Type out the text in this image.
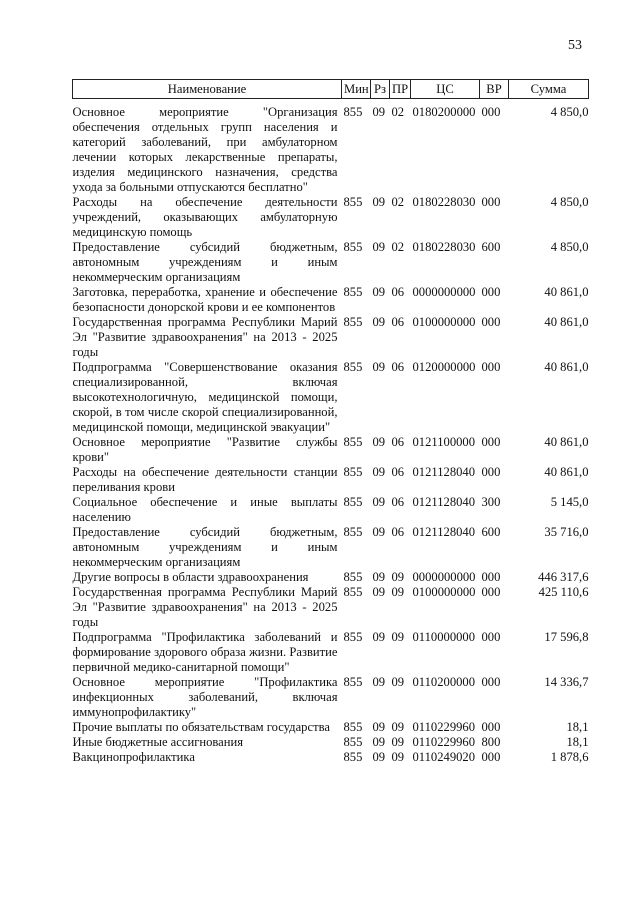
53
Наименование	Мин	Рз	ПР	ЦС	ВР	Сумма

Основное мероприятие "Организация обеспечения отдельных групп населения и категорий заболеваний, при амбулаторном лечении которых лекарственные препараты, изделия медицинского назначения, средства ухода за больными отпускаются бесплатно"	855	09	02	0180200000	000	4 850,0
Расходы на обеспечение деятельности учреждений, оказывающих амбулаторную медицинскую помощь	855	09	02	0180228030	000	4 850,0
Предоставление субсидий бюджетным, автономным учреждениям и иным некоммерческим организациям	855	09	02	0180228030	600	4 850,0
Заготовка, переработка, хранение и обеспечение безопасности донорской крови и ее компонентов	855	09	06	0000000000	000	40 861,0
Государственная программа Республики Марий Эл "Развитие здравоохранения" на 2013 - 2025 годы	855	09	06	0100000000	000	40 861,0
Подпрограмма "Совершенствование оказания специализированной, включая высокотехнологичную, медицинской помощи, скорой, в том числе скорой специализированной, медицинской помощи, медицинской эвакуации"	855	09	06	0120000000	000	40 861,0
Основное мероприятие "Развитие службы крови"	855	09	06	0121100000	000	40 861,0
Расходы на обеспечение деятельности станции переливания крови	855	09	06	0121128040	000	40 861,0
Социальное обеспечение и иные выплаты населению	855	09	06	0121128040	300	5 145,0
Предоставление субсидий бюджетным, автономным учреждениям и иным некоммерческим организациям	855	09	06	0121128040	600	35 716,0
Другие вопросы в области здравоохранения	855	09	09	0000000000	000	446 317,6
Государственная программа Республики Марий Эл "Развитие здравоохранения" на 2013 - 2025 годы	855	09	09	0100000000	000	425 110,6
Подпрограмма "Профилактика заболеваний и формирование здорового образа жизни. Развитие первичной медико-санитарной помощи"	855	09	09	0110000000	000	17 596,8
Основное мероприятие "Профилактика инфекционных заболеваний, включая иммунопрофилактику"	855	09	09	0110200000	000	14 336,7
Прочие выплаты по обязательствам государства	855	09	09	0110229960	000	18,1
Иные бюджетные ассигнования	855	09	09	0110229960	800	18,1
Вакцинопрофилактика	855	09	09	0110249020	000	1 878,6
